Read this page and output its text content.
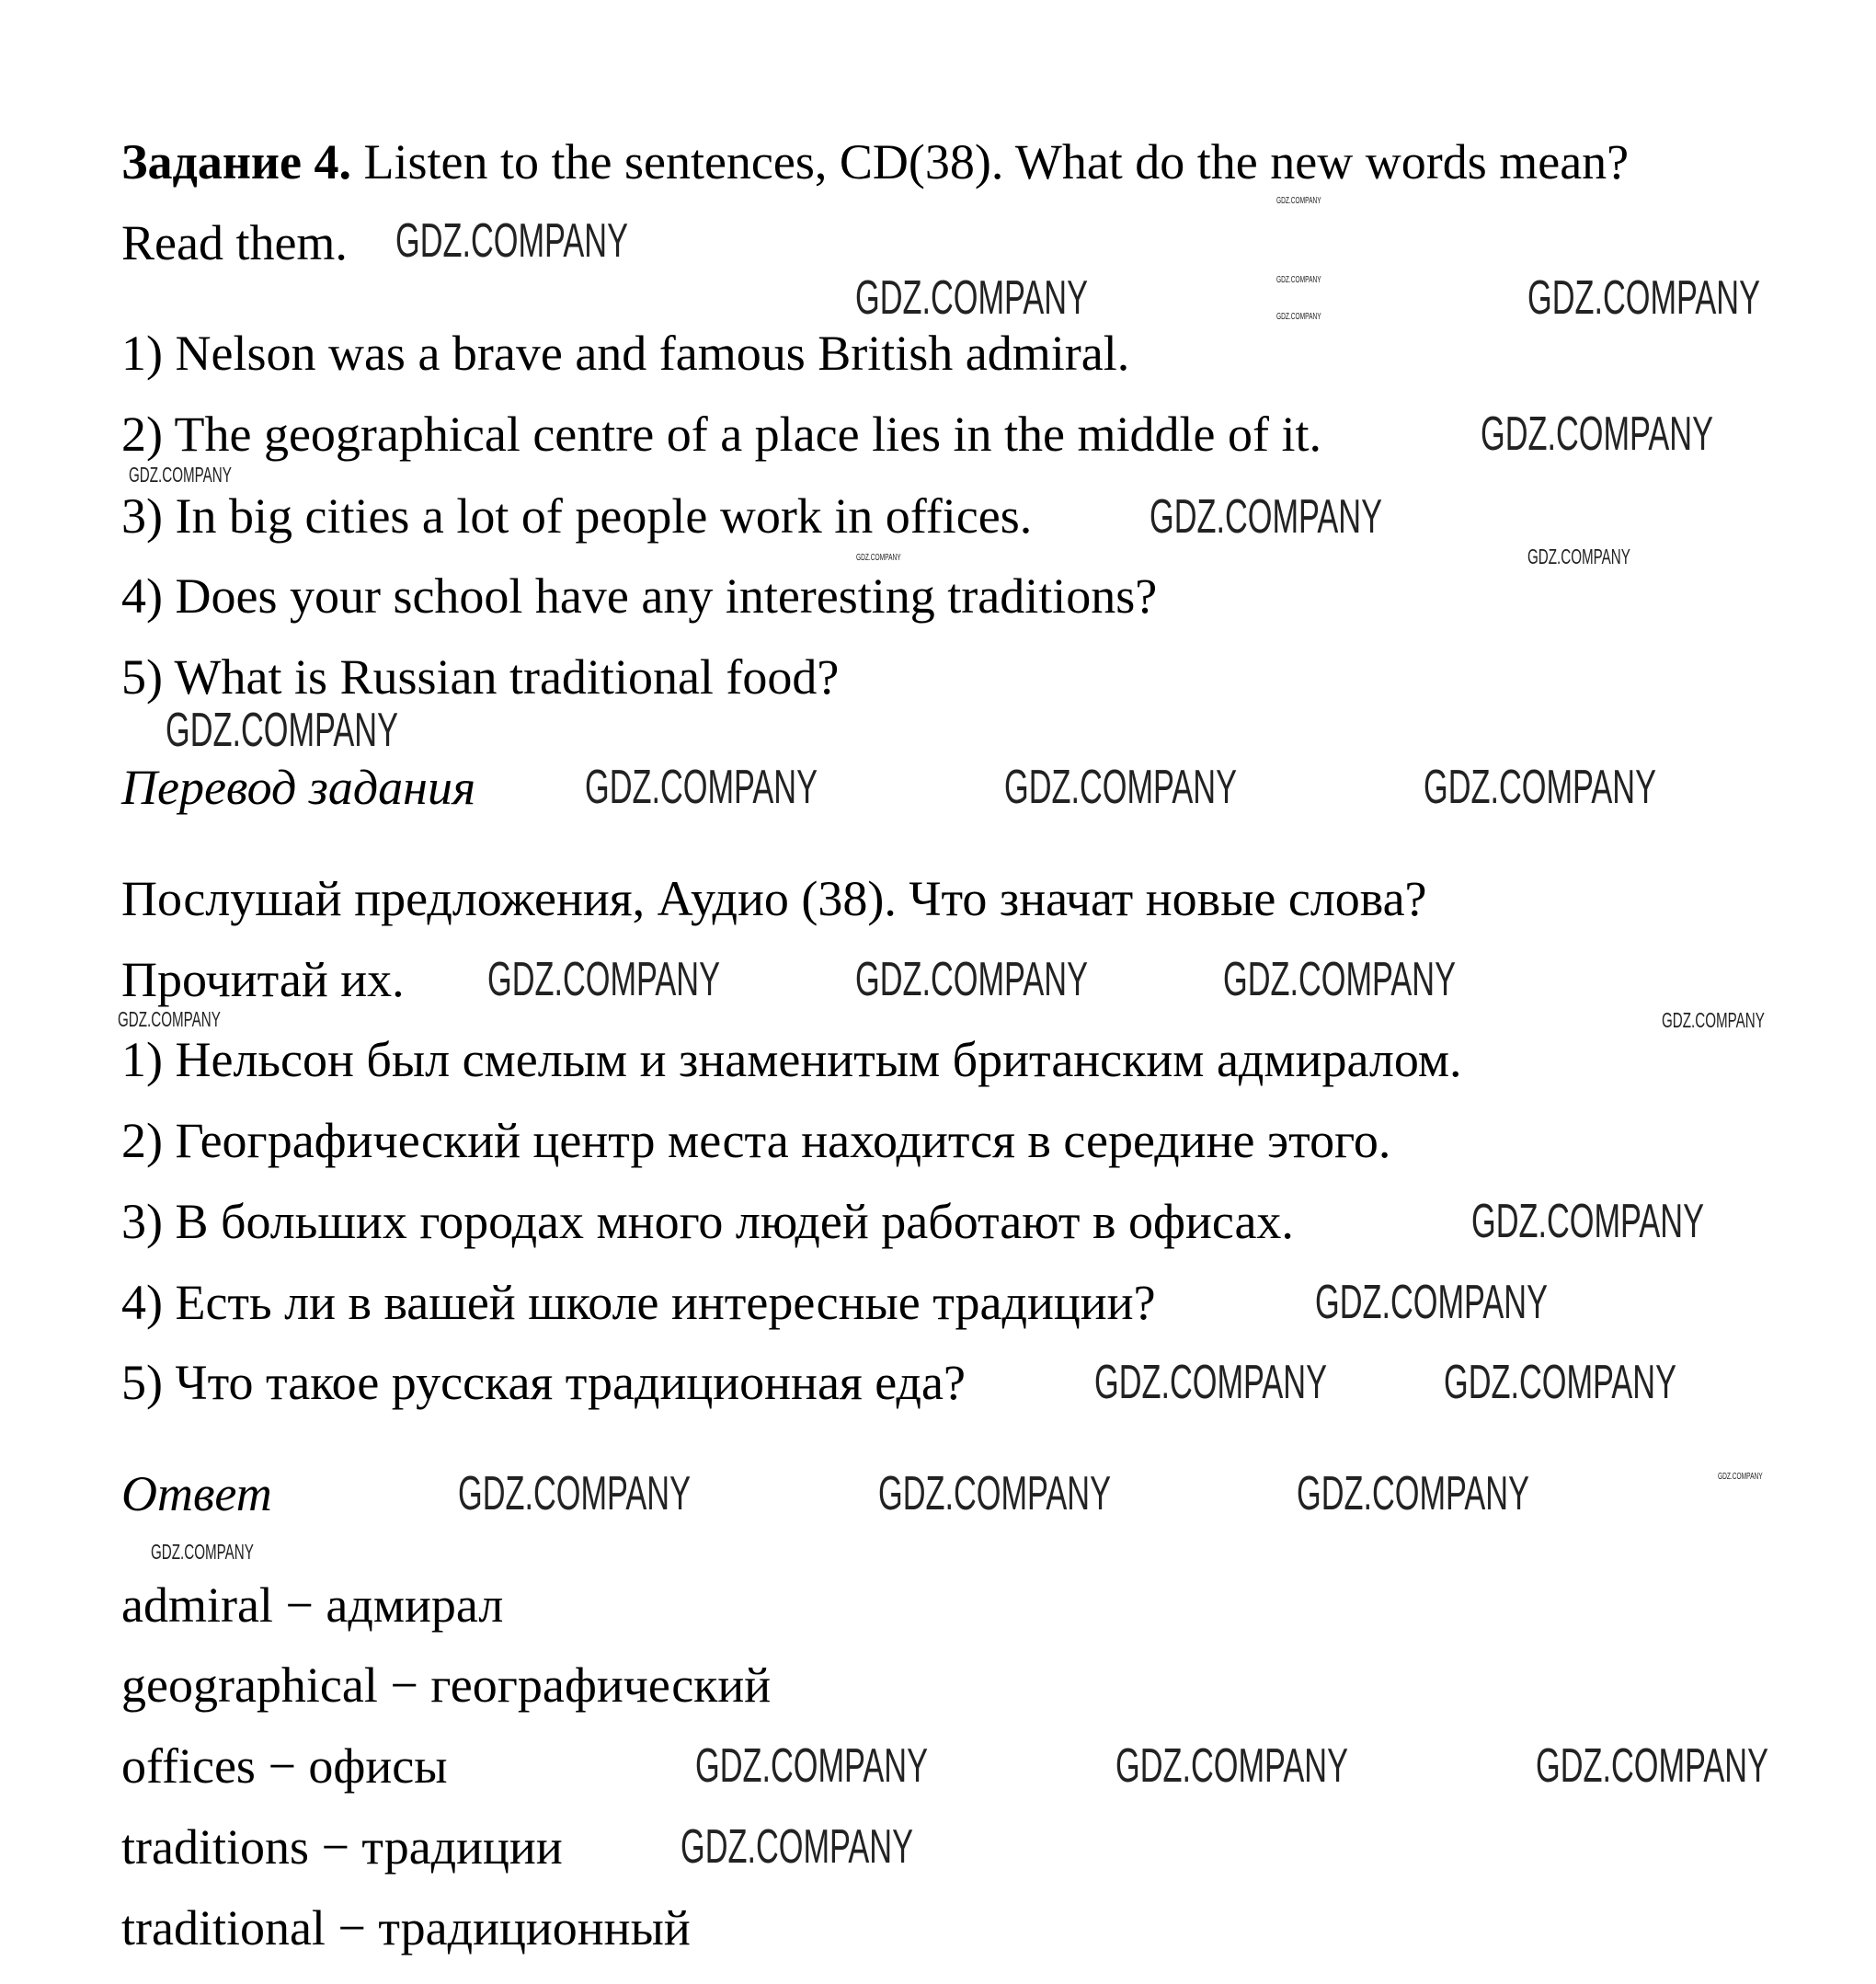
Задание 4. Listen to the sentences, CD(38). What do the new words mean?
Read them.
1) Nelson was a brave and famous British admiral.
2) The geographical centre of a place lies in the middle of it.
3) In big cities a lot of people work in offices.
4) Does your school have any interesting traditions?
5) What is Russian traditional food?
Перевод задания
Послушай предложения, Аудио (38). Что значат новые слова?
Прочитай их.
1) Нельсон был смелым и знаменитым британским адмиралом.
2) Географический центр места находится в середине этого.
3) В больших городах много людей работают в офисах.
4) Есть ли в вашей школе интересные традиции?
5) Что такое русская традиционная еда?
Ответ
admiral − адмирал
geographical − географический
offices − офисы
traditions − традиции
traditional − традиционный
GDZ.COMPANY
GDZ.COMPANY	GDZ.COMPANY
GDZ.COMPANY
GDZ.COMPANY
GDZ.COMPANY
GDZ.COMPANY	GDZ.COMPANY	GDZ.COMPANY
GDZ.COMPANY	GDZ.COMPANY	GDZ.COMPANY
GDZ.COMPANY GDZ.COMPANY
GDZ.COMPANY
GDZ.COMPANY
GDZ.COMPANY	GDZ.COMPANY	GDZ.COMPANY
GDZ.COMPANY	GDZ.COMPANY	GDZ.COMPANY
GDZ.COMPANY
GDZ.COMPANY
GDZ.COMPANY
GDZ.COMPANY	GDZ.COMPANY
GDZ.COMPANY
GDZ.COMPANY
GDZ.COMPANY
GDZ.COMPANY
GDZ.COMPANY
GDZ.COMPANY
